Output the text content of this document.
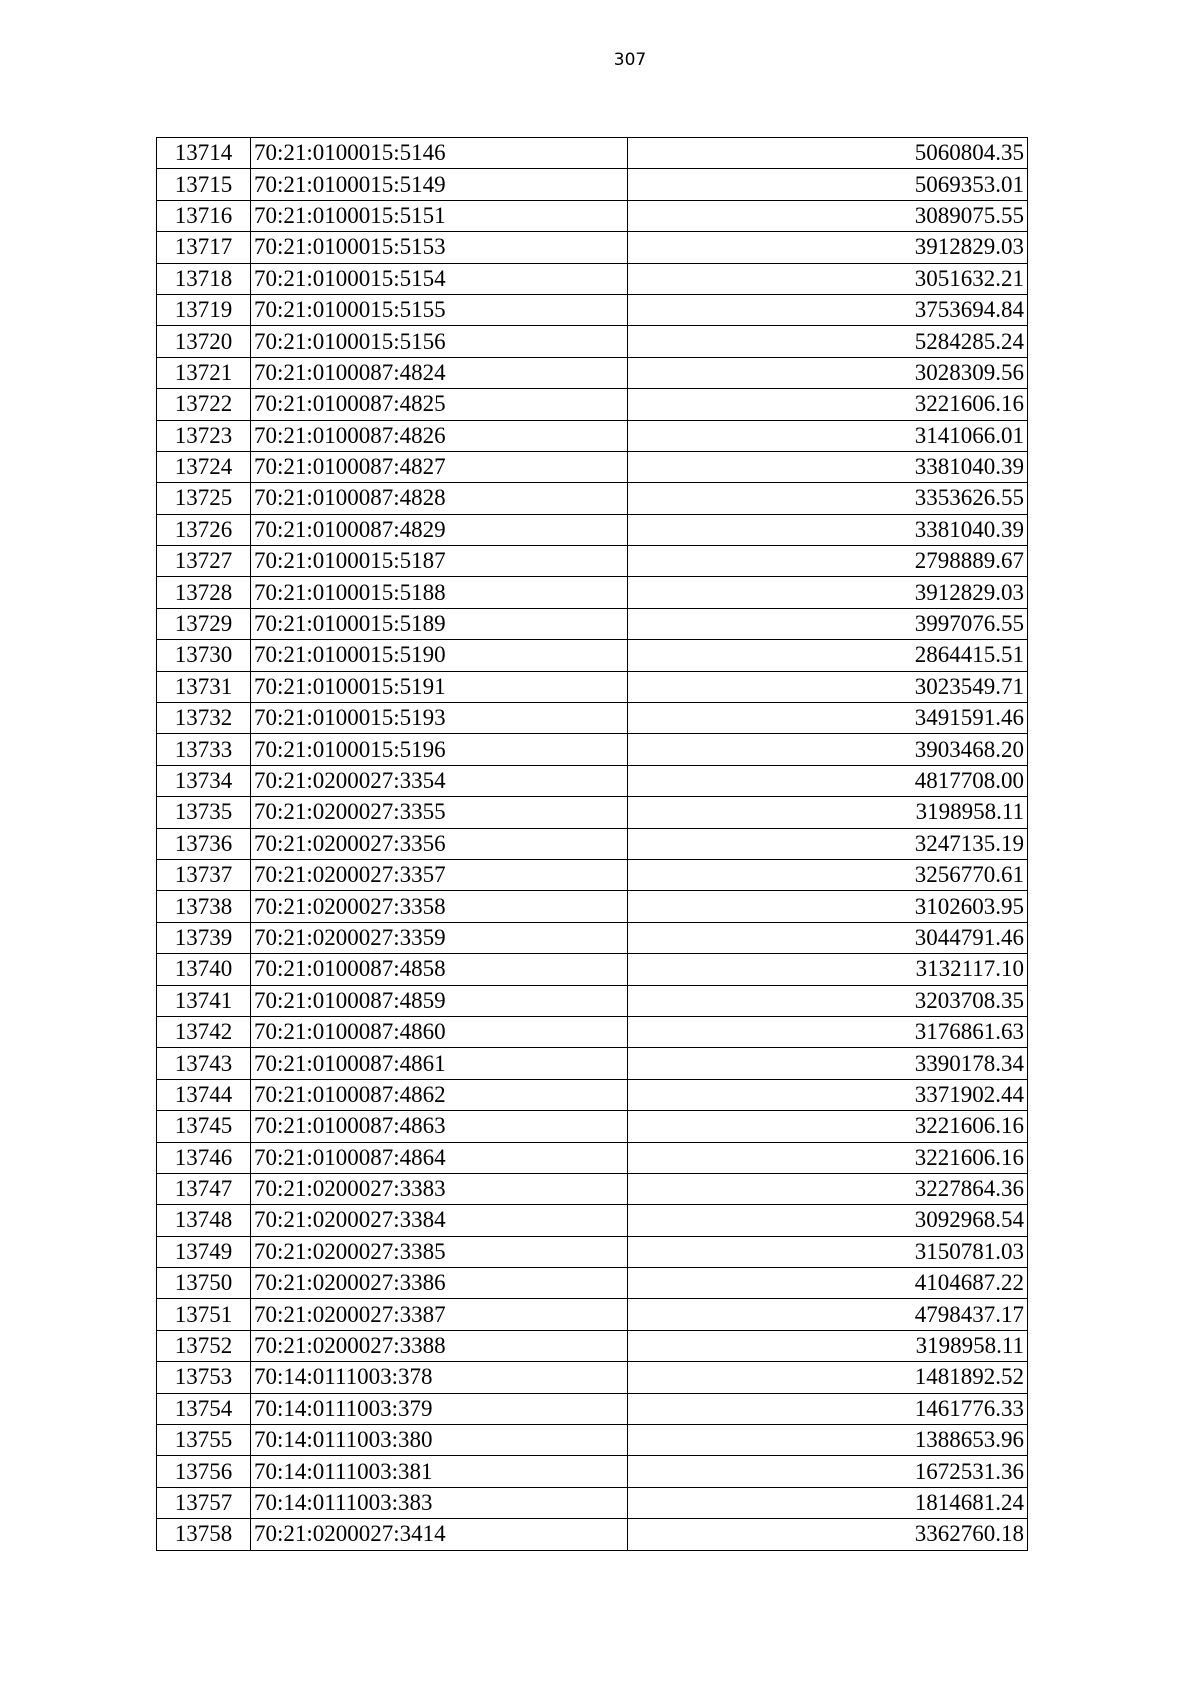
307
13714	70:21:0100015:5146	5060804.35
13715	70:21:0100015:5149	5069353.01
13716	70:21:0100015:5151	3089075.55
13717	70:21:0100015:5153	3912829.03
13718	70:21:0100015:5154	3051632.21
13719	70:21:0100015:5155	3753694.84
13720	70:21:0100015:5156	5284285.24
13721	70:21:0100087:4824	3028309.56
13722	70:21:0100087:4825	3221606.16
13723	70:21:0100087:4826	3141066.01
13724	70:21:0100087:4827	3381040.39
13725	70:21:0100087:4828	3353626.55
13726	70:21:0100087:4829	3381040.39
13727	70:21:0100015:5187	2798889.67
13728	70:21:0100015:5188	3912829.03
13729	70:21:0100015:5189	3997076.55
13730	70:21:0100015:5190	2864415.51
13731	70:21:0100015:5191	3023549.71
13732	70:21:0100015:5193	3491591.46
13733	70:21:0100015:5196	3903468.20
13734	70:21:0200027:3354	4817708.00
13735	70:21:0200027:3355	3198958.11
13736	70:21:0200027:3356	3247135.19
13737	70:21:0200027:3357	3256770.61
13738	70:21:0200027:3358	3102603.95
13739	70:21:0200027:3359	3044791.46
13740	70:21:0100087:4858	3132117.10
13741	70:21:0100087:4859	3203708.35
13742	70:21:0100087:4860	3176861.63
13743	70:21:0100087:4861	3390178.34
13744	70:21:0100087:4862	3371902.44
13745	70:21:0100087:4863	3221606.16
13746	70:21:0100087:4864	3221606.16
13747	70:21:0200027:3383	3227864.36
13748	70:21:0200027:3384	3092968.54
13749	70:21:0200027:3385	3150781.03
13750	70:21:0200027:3386	4104687.22
13751	70:21:0200027:3387	4798437.17
13752	70:21:0200027:3388	3198958.11
13753	70:14:0111003:378	1481892.52
13754	70:14:0111003:379	1461776.33
13755	70:14:0111003:380	1388653.96
13756	70:14:0111003:381	1672531.36
13757	70:14:0111003:383	1814681.24
13758	70:21:0200027:3414	3362760.18
